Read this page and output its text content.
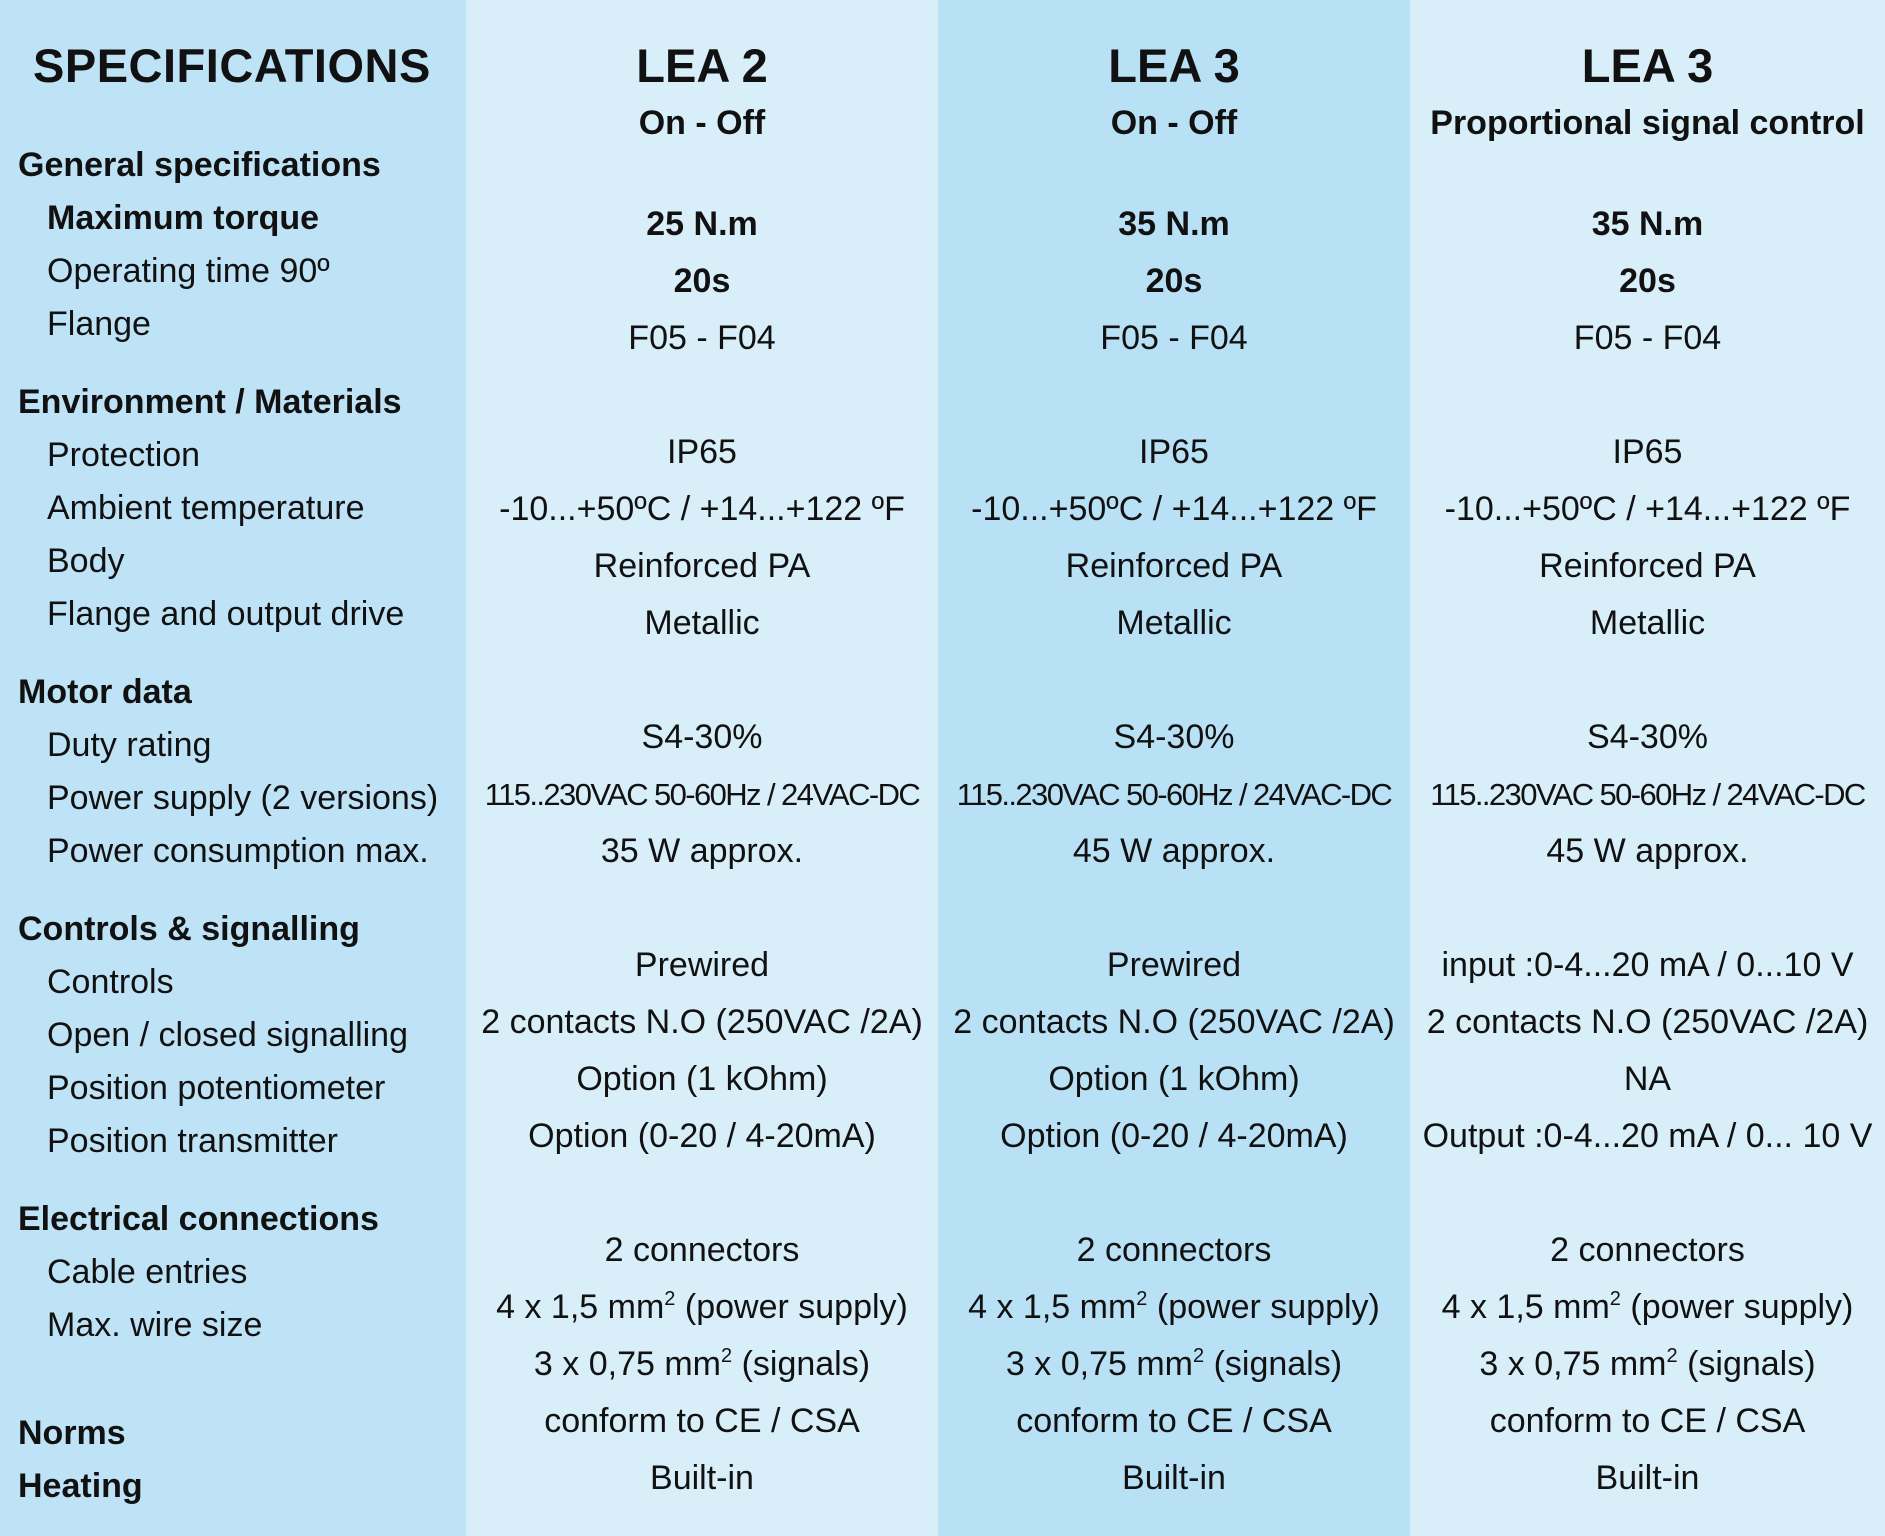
SPECIFICATIONS
General specifications
Maximum torque
Operating time 90º
Flange
Environment / Materials
Protection
Ambient temperature
Body
Flange and output drive
Motor data
Duty rating
Power supply (2 versions)
Power consumption max.
Controls & signalling
Controls
Open / closed signalling
Position potentiometer
Position transmitter
Electrical connections
Cable entries
Max. wire size
Norms
Heating
LEA 2
On - Off
25 N.m
20s
F05 - F04
IP65
-10...+50ºC / +14...+122 ºF
Reinforced PA
Metallic
S4-30%
115..230VAC 50-60Hz / 24VAC-DC
35 W approx.
Prewired
2 contacts N.O (250VAC /2A)
Option (1 kOhm)
Option (0-20 / 4-20mA)
2 connectors
4 x 1,5 $mm^2$ (power supply)
3 x 0,75 $mm^2$ (signals)
conform to CE / CSA
Built-in
LEA 3
On - Off
35 N.m
20s
F05 - F04
IP65
-10...+50ºC / +14...+122 ºF
Reinforced PA
Metallic
S4-30%
115..230VAC 50-60Hz / 24VAC-DC
45 W approx.
Prewired
2 contacts N.O (250VAC /2A)
Option (1 kOhm)
Option (0-20 / 4-20mA)
2 connectors
4 x 1,5 $mm^2$ (power supply)
3 x 0,75 $mm^2$ (signals)
conform to CE / CSA
Built-in
LEA 3
Proportional signal control
35 N.m
20s
F05 - F04
IP65
-10...+50ºC / +14...+122 ºF
Reinforced PA
Metallic
S4-30%
115..230VAC 50-60Hz / 24VAC-DC
45 W approx.
input :0-4...20 mA / 0...10 V
2 contacts N.O (250VAC /2A)
NA
Output :0-4...20 mA / 0... 10 V
2 connectors
4 x 1,5 $mm^2$ (power supply)
3 x 0,75 $mm^2$ (signals)
conform to CE / CSA
Built-in
